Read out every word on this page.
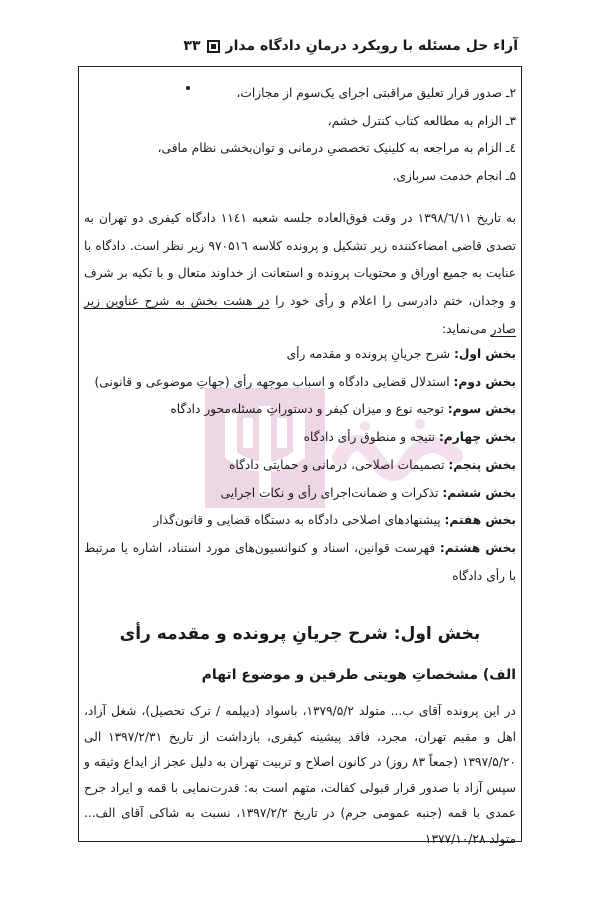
آراء حل مسئله با رویکرد درمانِ دادگاه مدار۳۳
۲ـ صدور قرار تعلیق مراقبتی اجرای یک‌سوم از مجازات،
۳ـ الزام به مطالعه کتاب کنترل خشم،
٤ـ الزام به مراجعه به کلینیک تخصصیِ درمانی و توان‌بخشی نظام مافی،
۵ـ انجام خدمت سربازی.
به تاریخ ۱۳۹۸/٦/۱۱ در وقت فوق‌العاده جلسه شعبه ۱۱٤۱ دادگاه کیفری دو تهران به تصدی قاضی امضاءکننده زیر تشکیل و پرونده کلاسه ۹۷۰۵۱٦ زیر نظر است. دادگاه با عنایت به جمیع اوراق و محتویات پرونده و استعانت از خداوند متعال و با تکیه بر شرف و وجدان، ختم دادرسی را اعلام و رأی خود را در هشت بخش به شرح عناوین زیر صادر می‌نماید:
بخش اول: شرح جریانِ پرونده و مقدمه رأی
بخش دوم: استدلال قضایی دادگاه و اسباب موجهه رأی (جهاتِ موضوعی و قانونی)
بخش سوم: توجیه نوع و میزان کیفر و دستوراتِ مسئله‌محور دادگاه
بخش چهارم: نتیجه و منطوق رأی دادگاه
بخش پنجم: تصمیمات اصلاحی، درمانی و حمایتی دادگاه
بخش ششم: تذکرات و ضمانت‌اجرای رأی و نکات اجرایی
بخش هفتم: پیشنهادهای اصلاحی دادگاه به دستگاه قضایی و قانون‌گذار
بخش هشتم: فهرست قوانین، اسناد و کنوانسیون‌های مورد استناد، اشاره یا مرتبط با رأی دادگاه
بخش اول: شرح جریانِ پرونده و مقدمه رأی
الف) مشخصاتِ هویتی طرفین و موضوع اتهام
در این پرونده آقای ب... متولد ۱۳۷۹/۵/۲، باسواد (دیپلمه / ترک تحصیل)، شغل آزاد، اهل و مقیم تهران، مجرد، فاقد پیشینه کیفری، بازداشت از تاریخ ۱۳۹۷/۲/۳۱ الی ۱۳۹۷/۵/۲۰ (جمعاً ۸۳ روز) در کانون اصلاح و تربیت تهران به دلیل عجز از ایداع وثیقه و سپس آزاد با صدور قرار قبولی کفالت، متهم است به: قدرت‌نمایی با قمه و ایراد جرح عمدی با قمه (جنبه عمومی جرم) در تاریخ ۱۳۹۷/۲/۲، نسبت به شاکی آقای الف... متولد ۱۳۷۷/۱۰/۲۸
